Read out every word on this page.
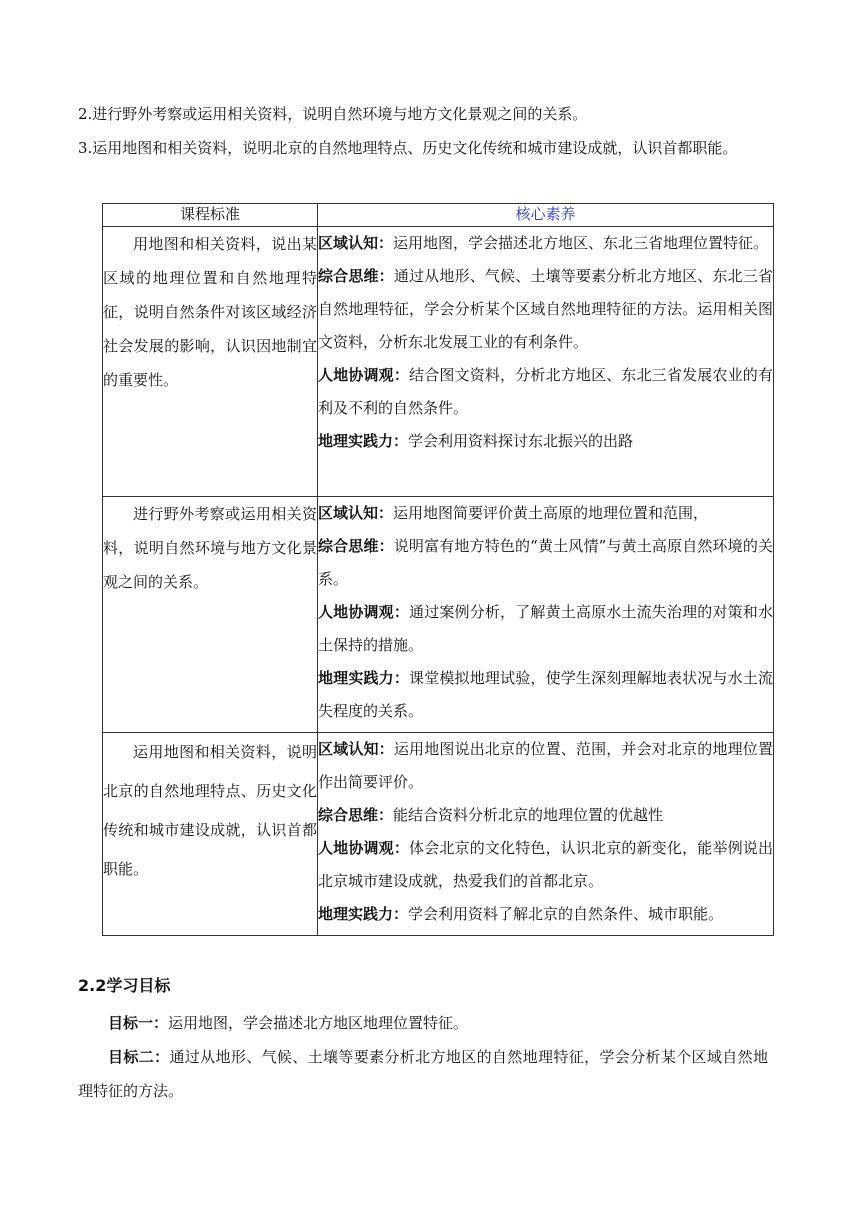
2.进行野外考察或运用相关资料，说明自然环境与地方文化景观之间的关系。
3.运用地图和相关资料，说明北京的自然地理特点、历史文化传统和城市建设成就，认识首都职能。
课程标准	核心素养
用地图和相关资料，说出某区域的地理位置和自然地理特征，说明自然条件对该区域经济社会发展的影响，认识因地制宜的重要性。	区域认知：运用地图，学会描述北方地区、东北三省地理位置特征。

综合思维：通过从地形、气候、土壤等要素分析北方地区、东北三省自然地理特征，学会分析某个区域自然地理特征的方法。运用相关图文资料，分析东北发展工业的有利条件。

人地协调观：结合图文资料，分析北方地区、东北三省发展农业的有利及不利的自然条件。

地理实践力：学会利用资料探讨东北振兴的出路

进行野外考察或运用相关资料，说明自然环境与地方文化景观之间的关系。	区域认知：运用地图简要评价黄土高原的地理位置和范围，

综合思维：说明富有地方特色的“黄土风情”与黄土高原自然环境的关系。

人地协调观：通过案例分析，了解黄土高原水土流失治理的对策和水土保持的措施。

地理实践力：课堂模拟地理试验，使学生深刻理解地表状况与水土流失程度的关系。

运用地图和相关资料，说明北京的自然地理特点、历史文化传统和城市建设成就，认识首都职能。	区域认知：运用地图说出北京的位置、范围，并会对北京的地理位置作出简要评价。

综合思维：能结合资料分析北京的地理位置的优越性

人地协调观：体会北京的文化特色，认识北京的新变化，能举例说出北京城市建设成就，热爱我们的首都北京。

地理实践力：学会利用资料了解北京的自然条件、城市职能。

2.2学习目标
目标一：运用地图，学会描述北方地区地理位置特征。
目标二：通过从地形、气候、土壤等要素分析北方地区的自然地理特征，学会分析某个区域自然地理特征的方法。
